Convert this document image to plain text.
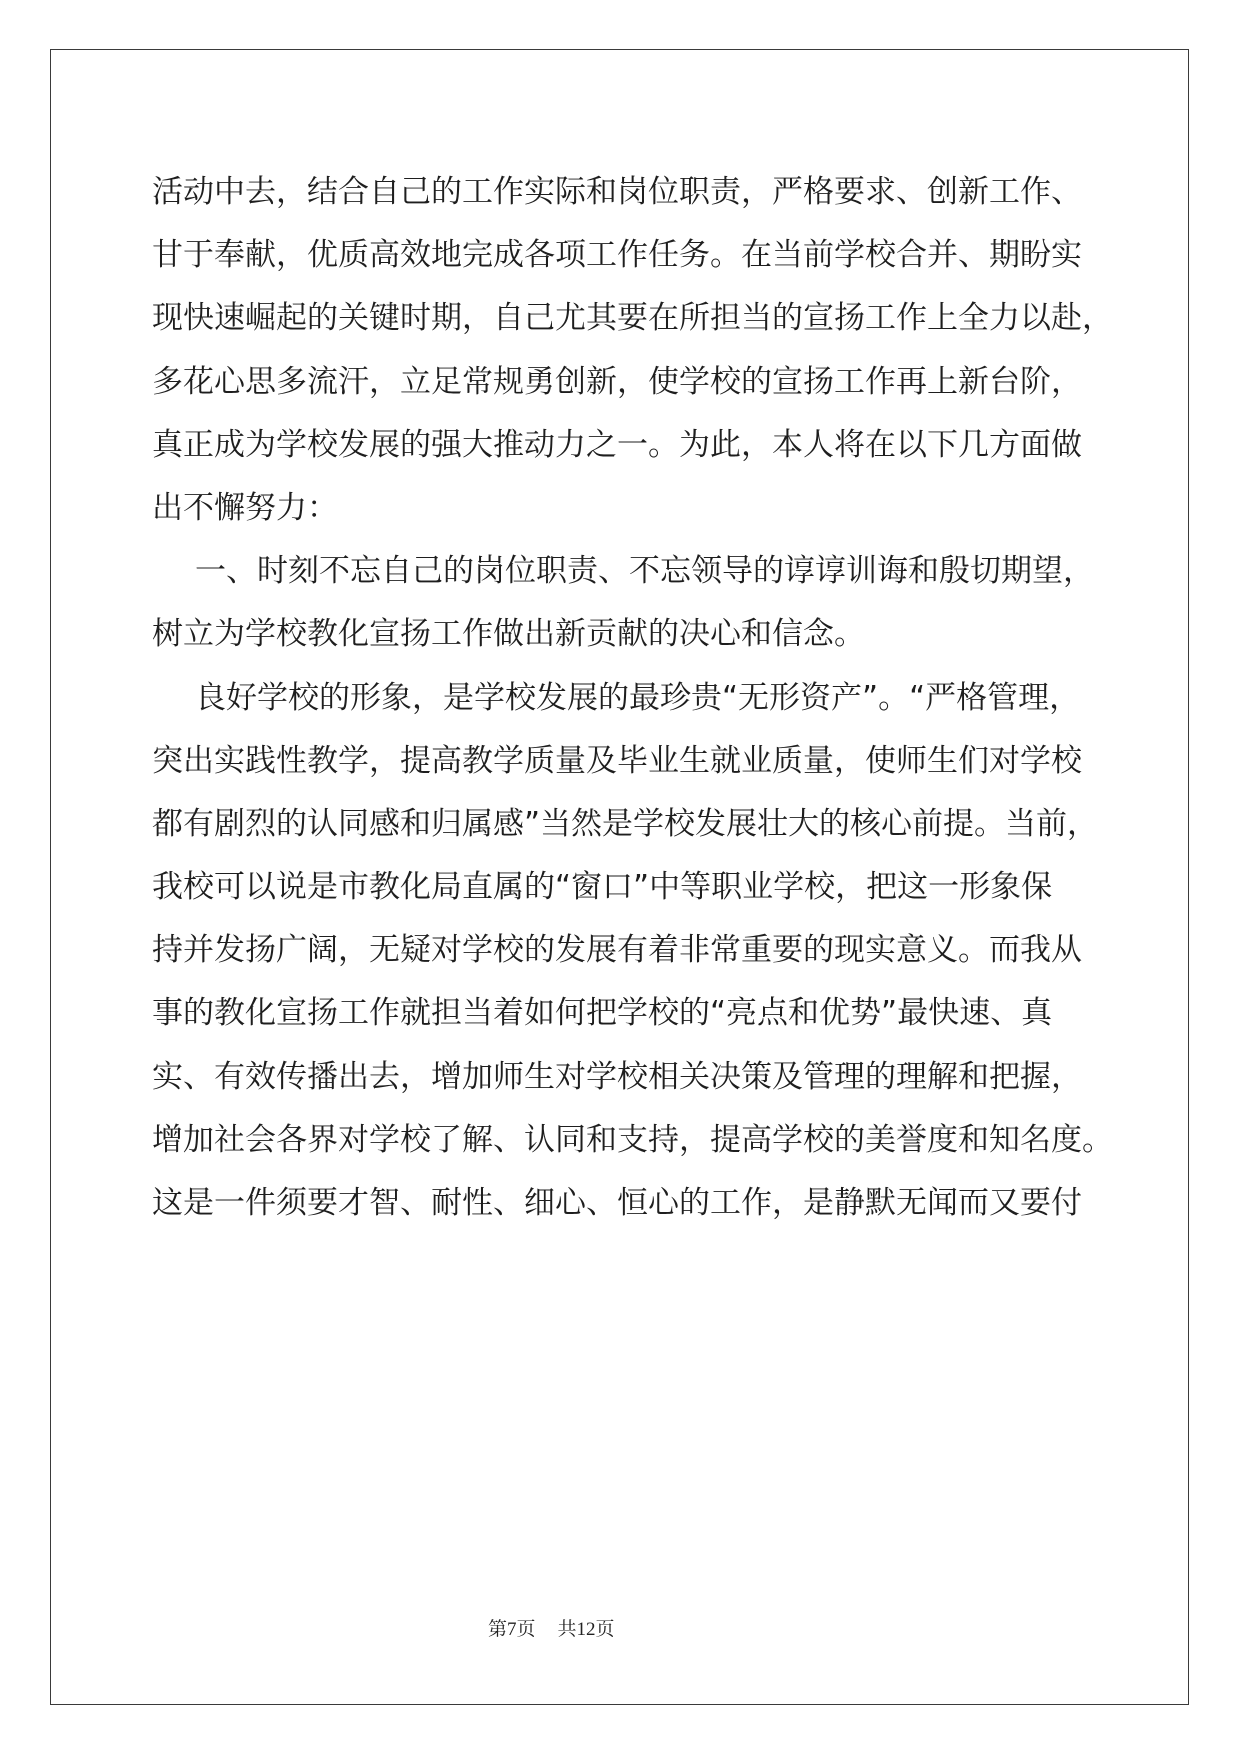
活动中去，结合自己的工作实际和岗位职责，严格要求、创新工作、
甘于奉献，优质高效地完成各项工作任务。在当前学校合并、期盼实
现快速崛起的关键时期，自己尤其要在所担当的宣扬工作上全力以赴，
多花心思多流汗，立足常规勇创新，使学校的宣扬工作再上新台阶，
真正成为学校发展的强大推动力之一。为此，本人将在以下几方面做
出不懈努力：
一、时刻不忘自己的岗位职责、不忘领导的谆谆训诲和殷切期望，
树立为学校教化宣扬工作做出新贡献的决心和信念。
良好学校的形象，是学校发展的最珍贵“无形资产”。“严格管理，
突出实践性教学，提高教学质量及毕业生就业质量，使师生们对学校
都有剧烈的认同感和归属感”当然是学校发展壮大的核心前提。当前，
我校可以说是市教化局直属的“窗口”中等职业学校，把这一形象保
持并发扬广阔，无疑对学校的发展有着非常重要的现实意义。而我从
事的教化宣扬工作就担当着如何把学校的“亮点和优势”最快速、真
实、有效传播出去，增加师生对学校相关决策及管理的理解和把握，
增加社会各界对学校了解、认同和支持，提高学校的美誉度和知名度。
这是一件须要才智、耐性、细心、恒心的工作，是静默无闻而又要付
第7页 共12页
